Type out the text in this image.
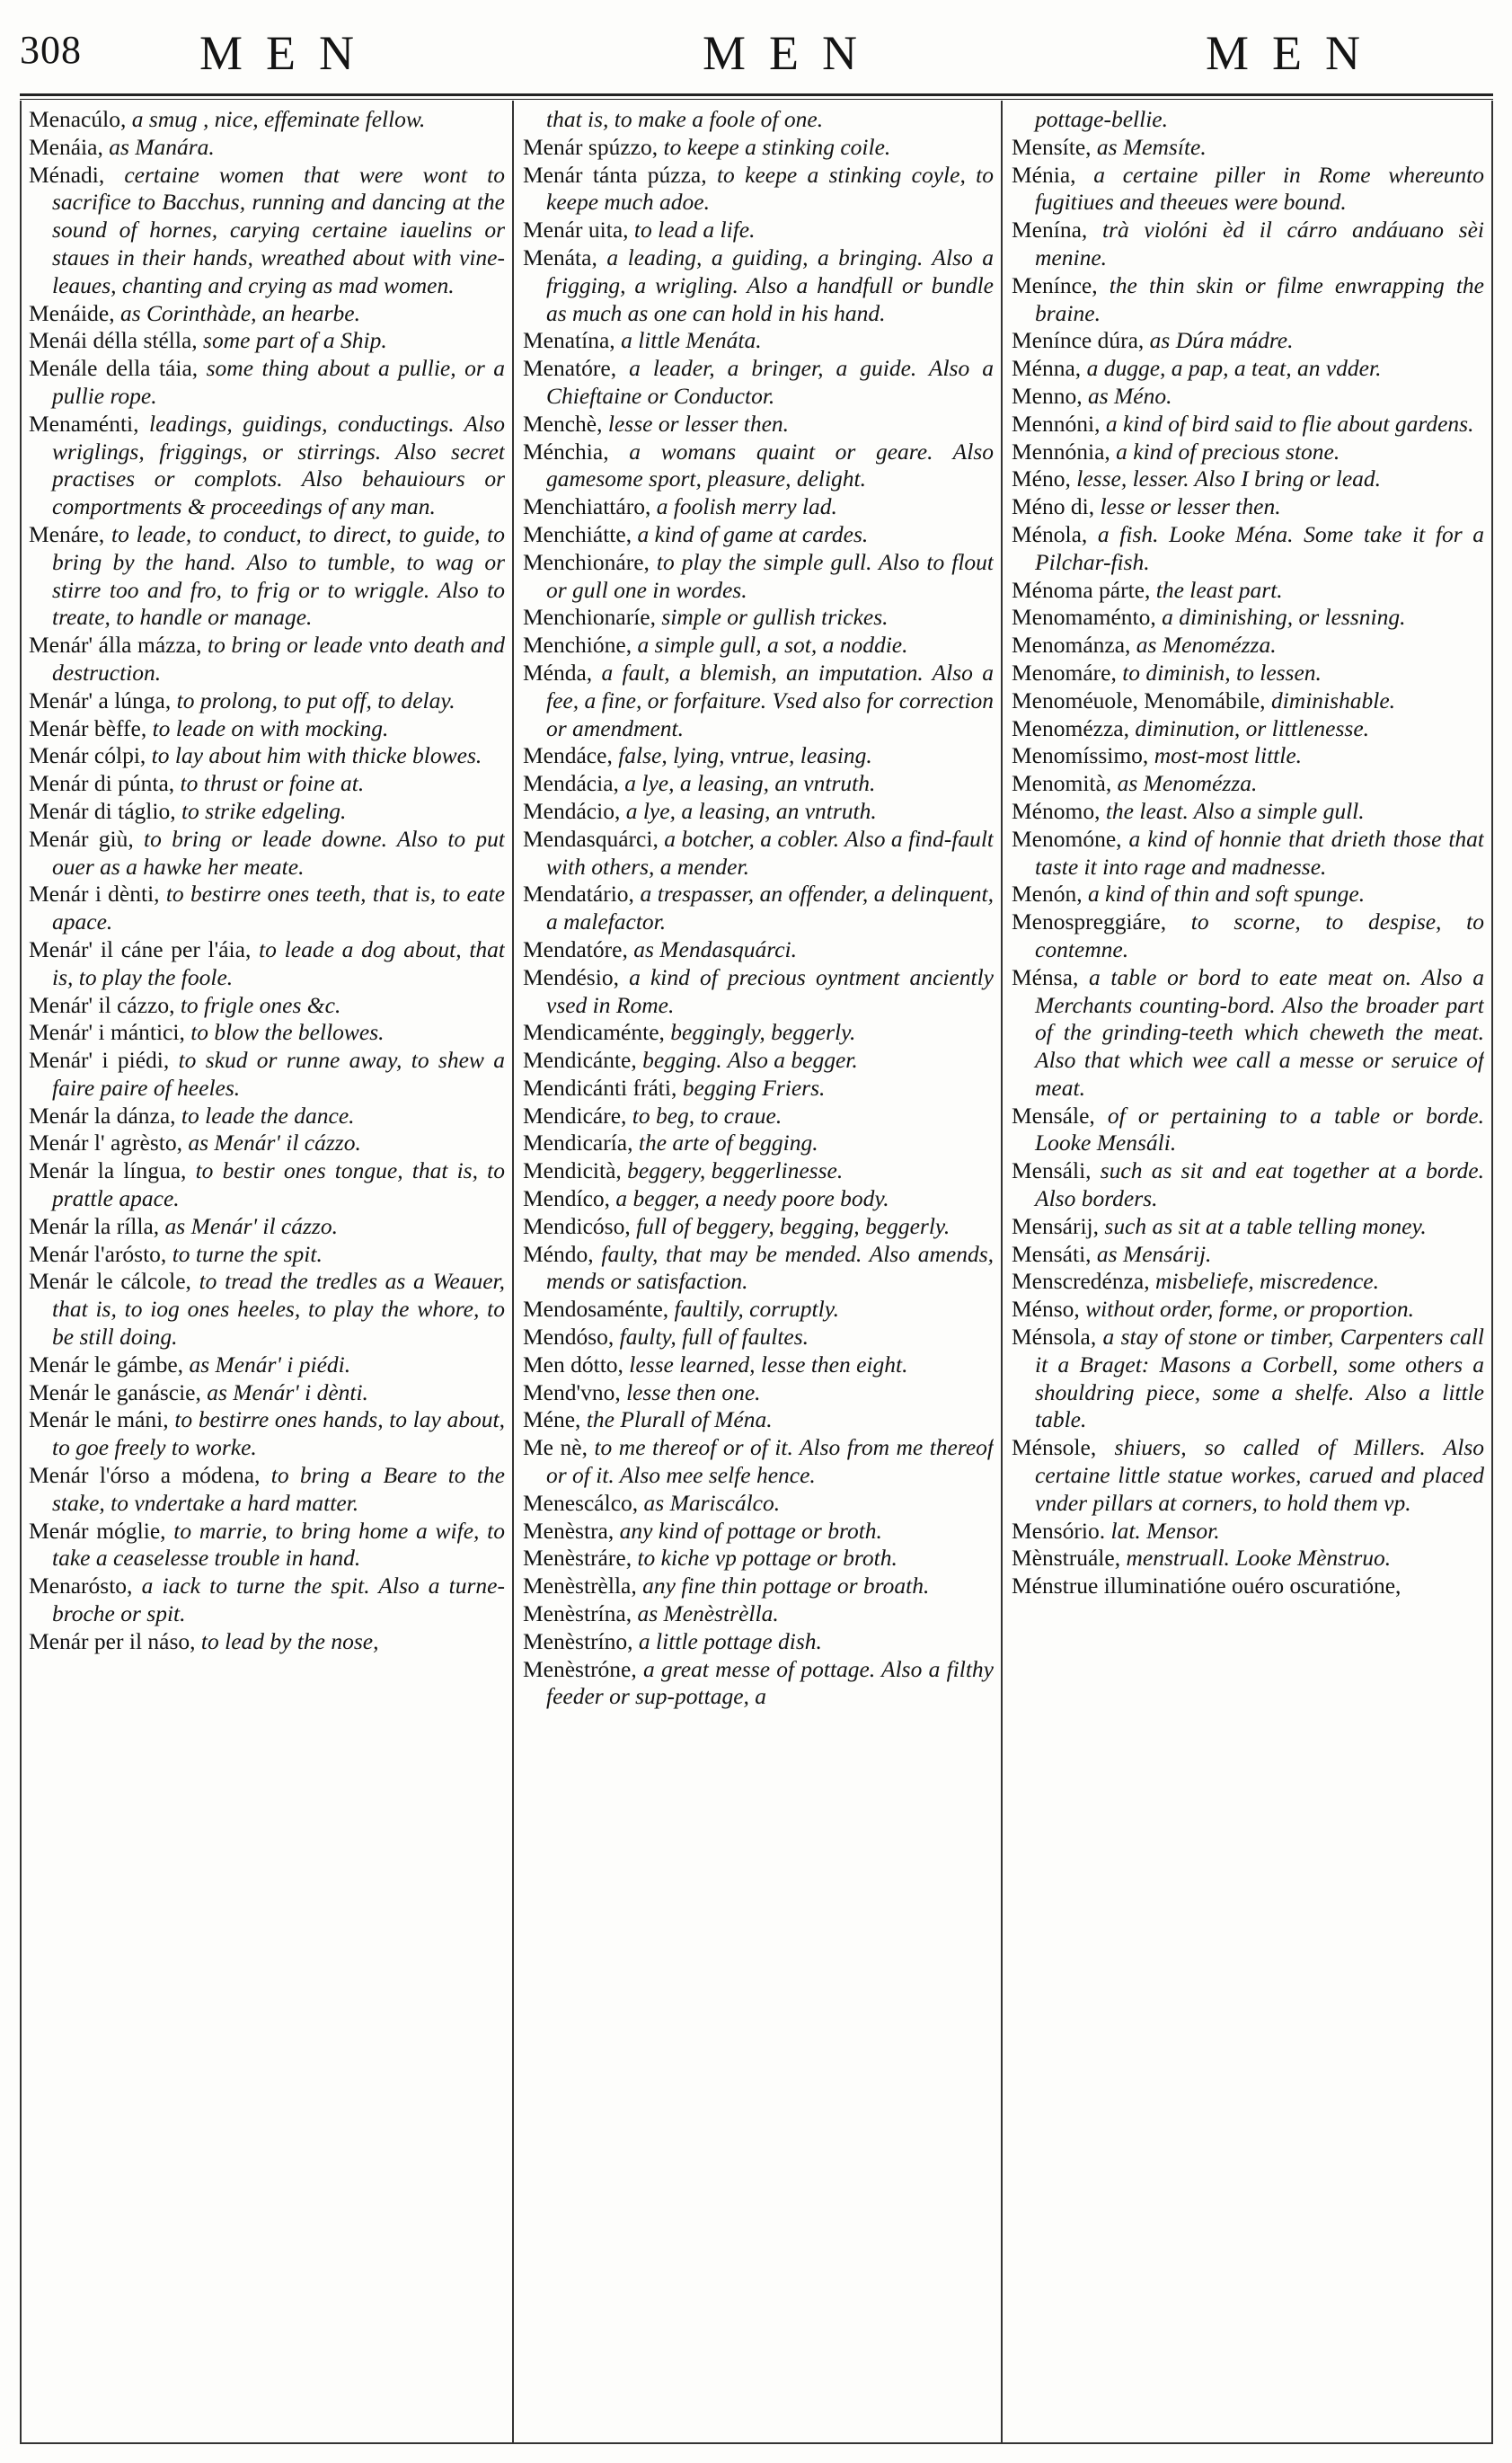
308 MEN	MEN	MEN

Menacúlo, a smug , nice, effeminate fellow.

Menáia, as Manára.

Ménadi, certaine women that were wont to sacrifice to Bacchus, running and dancing at the sound of hornes, carying certaine iauelins or staues in their hands, wreathed about with vine-leaues, chanting and crying as mad women.

Menáide, as Corinthàde, an hearbe.

Menái délla stélla, some part of a Ship.

Menále della táia, some thing about a pullie, or a pullie rope.

Menaménti, leadings, guidings, conductings. Also wriglings, friggings, or stirrings. Also secret practises or complots. Also behauiours or comportments & proceedings of any man.

Menáre, to leade, to conduct, to direct, to guide, to bring by the hand. Also to tumble, to wag or stirre too and fro, to frig or to wriggle. Also to treate, to handle or manage.

Menár' álla mázza, to bring or leade vnto death and destruction.

Menár' a lúnga, to prolong, to put off, to delay.

Menár bèffe, to leade on with mocking.

Menár cólpi, to lay about him with thicke blowes.

Menár di púnta, to thrust or foine at.

Menár di táglio, to strike edgeling.

Menár giù, to bring or leade downe. Also to put ouer as a hawke her meate.

Menár i dènti, to bestirre ones teeth, that is, to eate apace.

Menár' il cáne per l'áia, to leade a dog about, that is, to play the foole.

Menár' il cázzo, to frigle ones &c.

Menár' i mántici, to blow the bellowes.

Menár' i piédi, to skud or runne away, to shew a faire paire of heeles.

Menár la dánza, to leade the dance.

Menár l' agrèsto, as Menár' il cázzo.

Menár la língua, to bestir ones tongue, that is, to prattle apace.

Menár la rílla, as Menár' il cázzo.

Menár l'arósto, to turne the spit.

Menár le cálcole, to tread the tredles as a Weauer, that is, to iog ones heeles, to play the whore, to be still doing.

Menár le gámbe, as Menár' i piédi.

Menár le ganáscie, as Menár' i dènti.

Menár le máni, to bestirre ones hands, to lay about, to goe freely to worke.

Menár l'órso a módena, to bring a Beare to the stake, to vndertake a hard matter.

Menár móglie, to marrie, to bring home a wife, to take a ceaselesse trouble in hand.

Menarósto, a iack to turne the spit. Also a turne-broche or spit.

Menár per il náso, to lead by the nose,

that is, to make a foole of one.

Menár spúzzo, to keepe a stinking coile.

Menár tánta púzza, to keepe a stinking coyle, to keepe much adoe.

Menár uita, to lead a life.

Menáta, a leading, a guiding, a bringing. Also a frigging, a wrigling. Also a handfull or bundle as much as one can hold in his hand.

Menatína, a little Menáta.

Menatóre, a leader, a bringer, a guide. Also a Chieftaine or Conductor.

Menchè, lesse or lesser then.

Ménchia, a womans quaint or geare. Also gamesome sport, pleasure, delight.

Menchiattáro, a foolish merry lad.

Menchiátte, a kind of game at cardes.

Menchionáre, to play the simple gull. Also to flout or gull one in wordes.

Menchionaríe, simple or gullish trickes.

Menchióne, a simple gull, a sot, a noddie.

Ménda, a fault, a blemish, an imputation. Also a fee, a fine, or forfaiture. Vsed also for correction or amendment.

Mendáce, false, lying, vntrue, leasing.

Mendácia, a lye, a leasing, an vntruth.

Mendácio, a lye, a leasing, an vntruth.

Mendasquárci, a botcher, a cobler. Also a find-fault with others, a mender.

Mendatário, a trespasser, an offender, a delinquent, a malefactor.

Mendatóre, as Mendasquárci.

Mendésio, a kind of precious oyntment anciently vsed in Rome.

Mendicaménte, beggingly, beggerly.

Mendicánte, begging. Also a begger.

Mendicánti fráti, begging Friers.

Mendicáre, to beg, to craue.

Mendicaría, the arte of begging.

Mendicità, beggery, beggerlinesse.

Mendíco, a begger, a needy poore body.

Mendicóso, full of beggery, begging, beggerly.

Méndo, faulty, that may be mended. Also amends, mends or satisfaction.

Mendosaménte, faultily, corruptly.

Mendóso, faulty, full of faultes.

Men dótto, lesse learned, lesse then eight.

Mend'vno, lesse then one.

Méne, the Plurall of Ména.

Me nè, to me thereof or of it. Also from me thereof or of it. Also mee selfe hence.

Menescálco, as Mariscálco.

Menèstra, any kind of pottage or broth.

Menèstráre, to kiche vp pottage or broth.

Menèstrèlla, any fine thin pottage or broath.

Menèstrína, as Menèstrèlla.

Menèstríno, a little pottage dish.

Menèstróne, a great messe of pottage. Also a filthy feeder or sup-pottage, a

pottage-bellie.

Mensíte, as Memsíte.

Ménia, a certaine piller in Rome whereunto fugitiues and theeues were bound.

Menína, trà violóni èd il cárro andáuano sèi menine.

Menínce, the thin skin or filme enwrapping the braine.

Menínce dúra, as Dúra mádre.

Ménna, a dugge, a pap, a teat, an vdder.

Menno, as Méno.

Mennóni, a kind of bird said to flie about gardens.

Mennónia, a kind of precious stone.

Méno, lesse, lesser. Also I bring or lead.

Méno di, lesse or lesser then.

Ménola, a fish. Looke Ména. Some take it for a Pilchar-fish.

Ménoma párte, the least part.

Menomaménto, a diminishing, or lessning.

Menománza, as Menomézza.

Menomáre, to diminish, to lessen.

Menoméuole, Menomábile, diminishable.

Menomézza, diminution, or littlenesse.

Menomíssimo, most-most little.

Menomità, as Menomézza.

Ménomo, the least. Also a simple gull.

Menomóne, a kind of honnie that drieth those that taste it into rage and madnesse.

Menón, a kind of thin and soft spunge.

Menospreggiáre, to scorne, to despise, to contemne.

Ménsa, a table or bord to eate meat on. Also a Merchants counting-bord. Also the broader part of the grinding-teeth which cheweth the meat. Also that which wee call a messe or seruice of meat.

Mensále, of or pertaining to a table or borde. Looke Mensáli.

Mensáli, such as sit and eat together at a borde. Also borders.

Mensárij, such as sit at a table telling money.

Mensáti, as Mensárij.

Menscredénza, misbeliefe, miscredence.

Ménso, without order, forme, or proportion.

Ménsola, a stay of stone or timber, Carpenters call it a Braget: Masons a Corbell, some others a shouldring piece, some a shelfe. Also a little table.

Ménsole, shiuers, so called of Millers. Also certaine little statue workes, carued and placed vnder pillars at corners, to hold them vp.

Mensório. lat. Mensor.

Mènstruále, menstruall. Looke Mènstruo.

Ménstrue illuminatióne ouéro oscuratióne,
